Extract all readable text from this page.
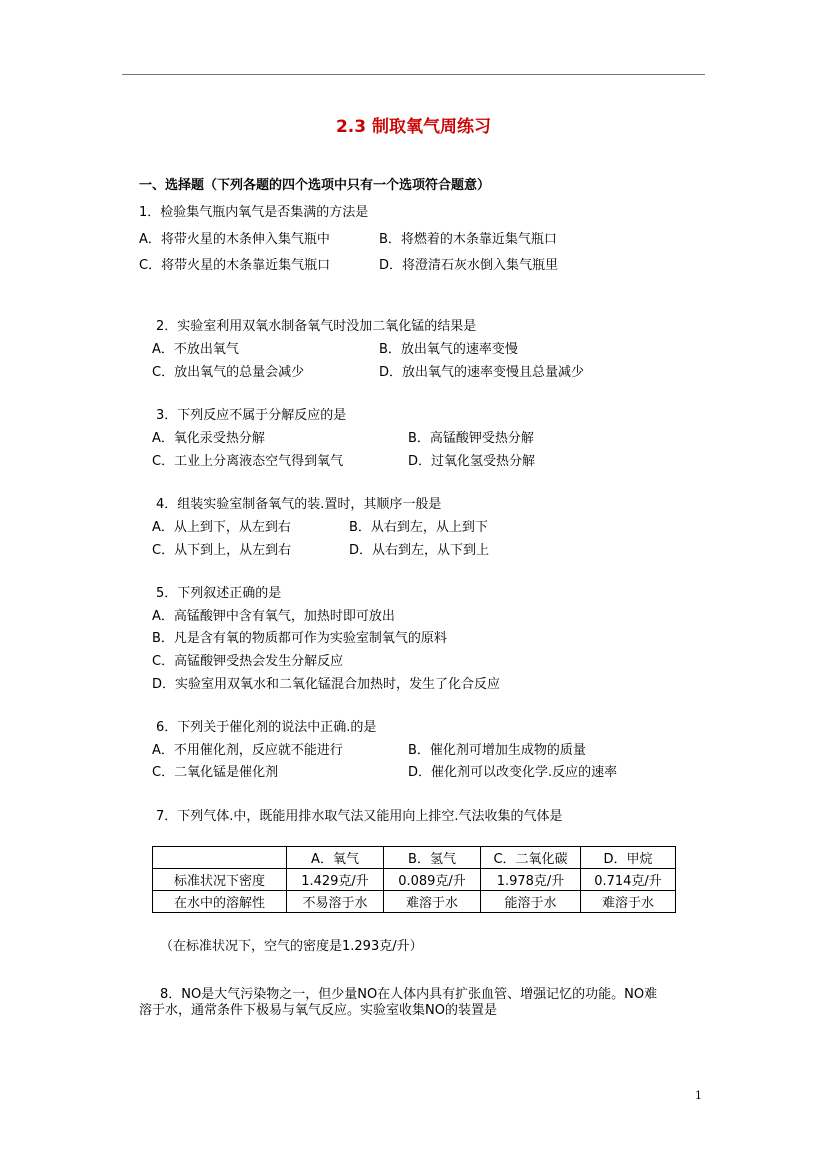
2.3 制取氧气周练习
一、选择题（下列各题的四个选项中只有一个选项符合题意）
1．检验集气瓶内氧气是否集满的方法是
A．将带火星的木条伸入集气瓶中	B．将燃着的木条靠近集气瓶口
C．将带火星的木条靠近集气瓶口	D．将澄清石灰水倒入集气瓶里
2．实验室利用双氧水制备氧气时没加二氧化锰的结果是
A．不放出氧气	B．放出氧气的速率变慢
C．放出氧气的总量会减少	D．放出氧气的速率变慢且总量减少
3．下列反应不属于分解反应的是
A．氧化汞受热分解	B．高锰酸钾受热分解
C．工业上分离液态空气得到氧气	D．过氧化氢受热分解
4．组装实验室制备氧气的装.置时，其顺序一般是
A．从上到下，从左到右	B．从右到左，从上到下
C．从下到上，从左到右	D．从右到左，从下到上
5．下列叙述正确的是
A．高锰酸钾中含有氧气，加热时即可放出
B．凡是含有氧的物质都可作为实验室制氧气的原料
C．高锰酸钾受热会发生分解反应
D．实验室用双氧水和二氧化锰混合加热时，发生了化合反应
6．下列关于催化剂的说法中正确.的是
A．不用催化剂，反应就不能进行	B．催化剂可增加生成物的质量
C．二氧化锰是催化剂	D．催化剂可以改变化学.反应的速率
7．下列气体.中，既能用排水取气法又能用向上排空.气法收集的气体是
	A．氧气	B．氢气	C．二氧化碳	D．甲烷
标准状况下密度	1.429克/升	0.089克/升	1.978克/升	0.714克/升
在水中的溶解性	不易溶于水	难溶于水	能溶于水	难溶于水
（在标准状况下，空气的密度是1.293克/升）
8．NO是大气污染物之一，但少量NO在人体内具有扩张血管、增强记忆的功能。NO难
溶于水，通常条件下极易与氧气反应。实验室收集NO的装置是
1
